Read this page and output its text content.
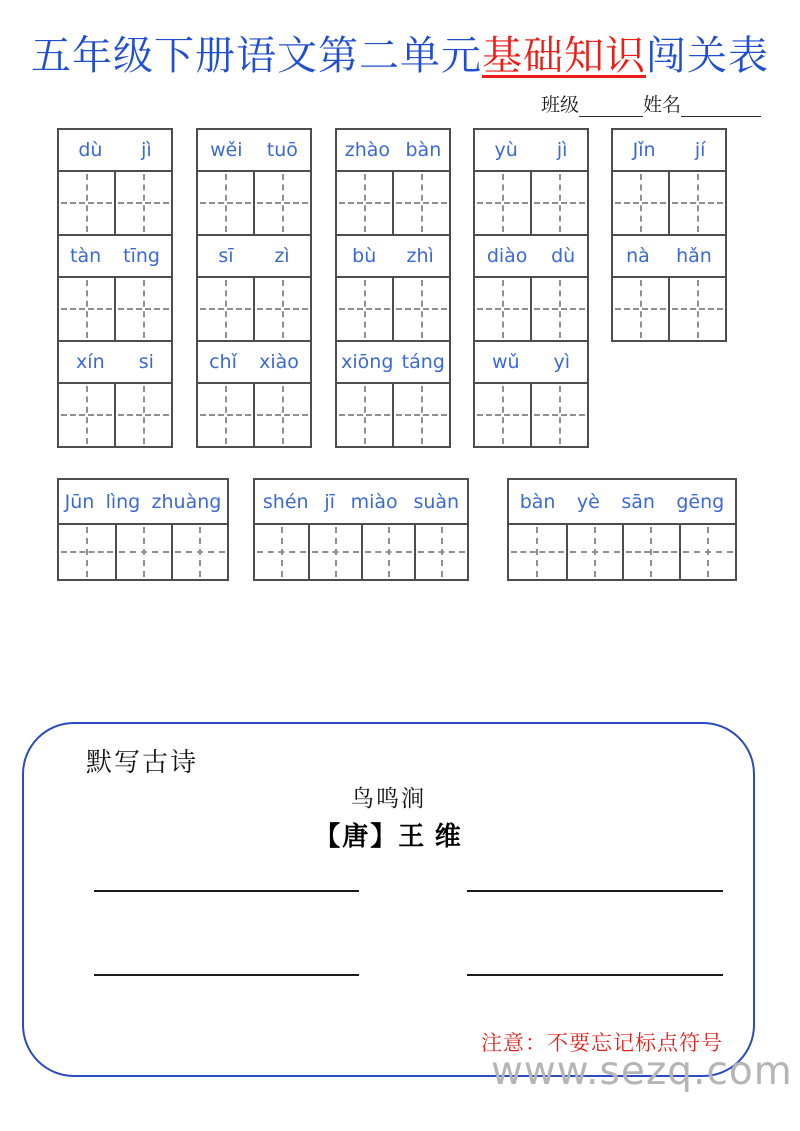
五年级下册语文第二单元基础知识闯关表
班级	姓名
dù jì
tàn tīng
xín si
wěi tuō
sī zì
chǐ xiào
zhào bàn
bù zhì
xiōng táng
yù jì
diào dù
wǔ yì
Jǐn jí
nà hǎn
Jūn lìng zhuàng shén jī miào suàn	bàn yè sān gēng
默写古诗
鸟鸣涧
【唐】王 维
注意：不要忘记标点符号
www.sezq.com
